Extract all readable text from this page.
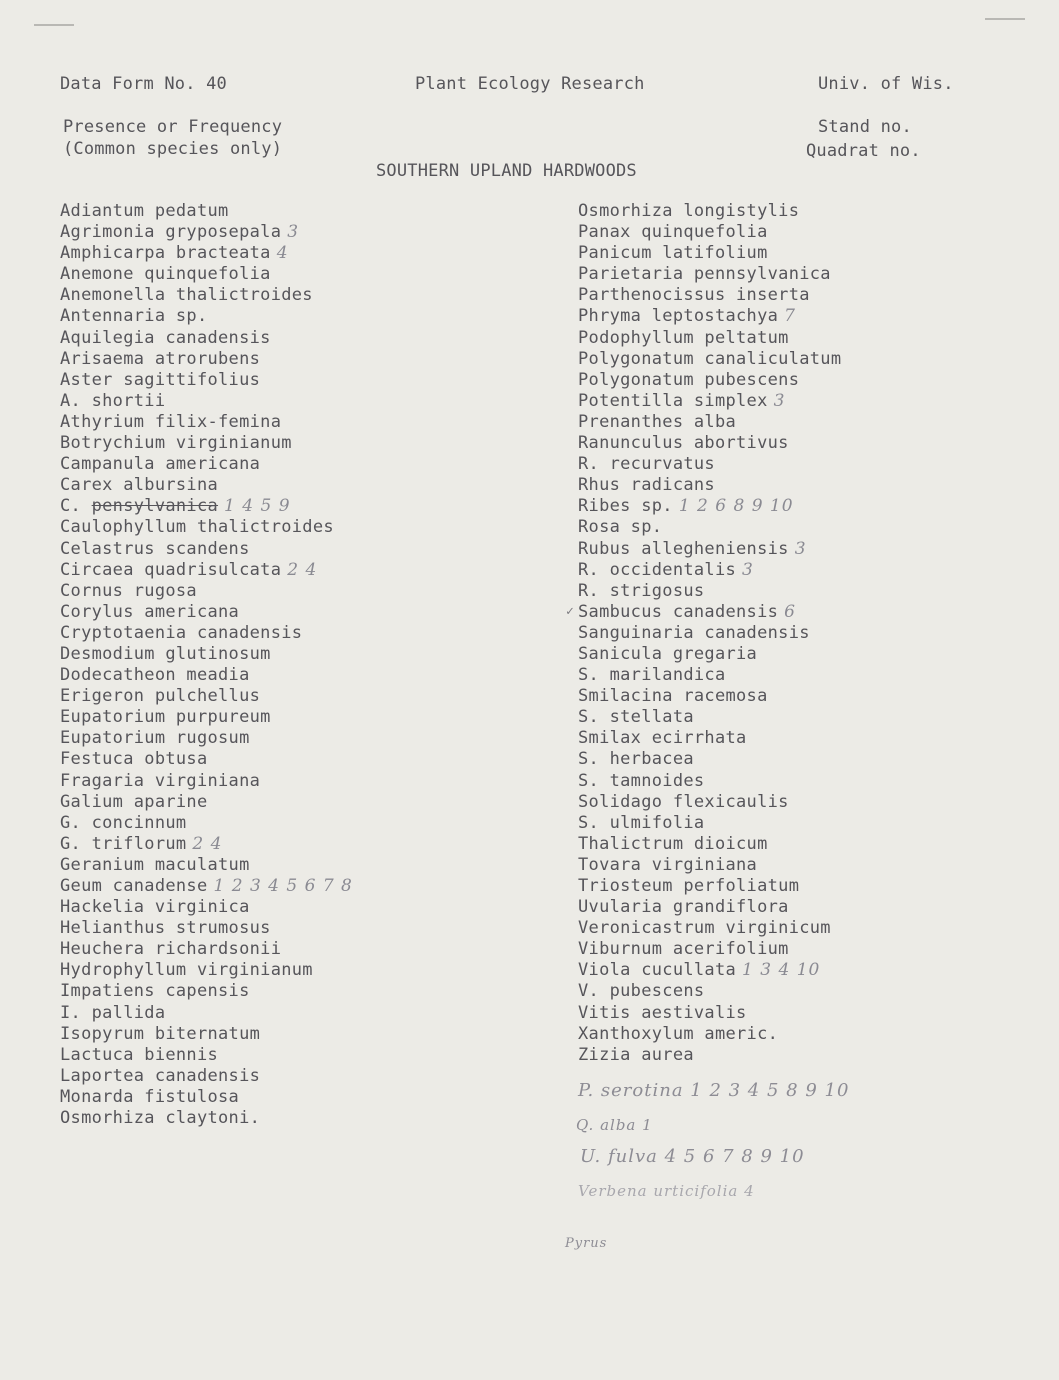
Data Form No. 40	Plant Ecology Research	Univ. of Wis.
Presence or Frequency
(Common species only)
Stand no.
Quadrat no.
SOUTHERN UPLAND HARDWOODS
Adiantum pedatum
Agrimonia gryposepala 3
Amphicarpa bracteata 4
Anemone quinquefolia
Anemonella thalictroides
Antennaria sp.
Aquilegia canadensis
Arisaema atrorubens
Aster sagittifolius
A. shortii
Athyrium filix-femina
Botrychium virginianum
Campanula americana
Carex albursina
C. pensylvanica 1 4 5 9
Caulophyllum thalictroides
Celastrus scandens
Circaea quadrisulcata 2 4
Cornus rugosa
Corylus americana
Cryptotaenia canadensis
Desmodium glutinosum
Dodecatheon meadia
Erigeron pulchellus
Eupatorium purpureum
Eupatorium rugosum
Festuca obtusa
Fragaria virginiana
Galium aparine
G. concinnum
G. triflorum 2 4
Geranium maculatum
Geum canadense 1 2 3 4 5 6 7 8
Hackelia virginica
Helianthus strumosus
Heuchera richardsonii
Hydrophyllum virginianum
Impatiens capensis
I. pallida
Isopyrum biternatum
Lactuca biennis
Laportea canadensis
Monarda fistulosa
Osmorhiza claytoni.
Osmorhiza longistylis
Panax quinquefolia
Panicum latifolium
Parietaria pennsylvanica
Parthenocissus inserta
Phryma leptostachya 7
Podophyllum peltatum
Polygonatum canaliculatum
Polygonatum pubescens
Potentilla simplex 3
Prenanthes alba
Ranunculus abortivus
R. recurvatus
Rhus radicans
Ribes sp. 1 2 6 8 9 10
Rosa sp.
Rubus allegheniensis 3
R. occidentalis 3
R. strigosus
Sambucus canadensis 6
Sanguinaria canadensis
Sanicula gregaria
S. marilandica
Smilacina racemosa
S. stellata
Smilax ecirrhata
S. herbacea
S. tamnoides
Solidago flexicaulis
S. ulmifolia
Thalictrum dioicum
Tovara virginiana
Triosteum perfoliatum
Uvularia grandiflora
Veronicastrum virginicum
Viburnum acerifolium
Viola cucullata 1 3 4 10
V. pubescens
Vitis aestivalis
Xanthoxylum americ.
Zizia aurea
✓
P. serotina 1 2 3 4 5 8 9 10
Q. alba 1
U. fulva 4 5 6 7 8 9 10
Verbena urticifolia 4
Pyrus
